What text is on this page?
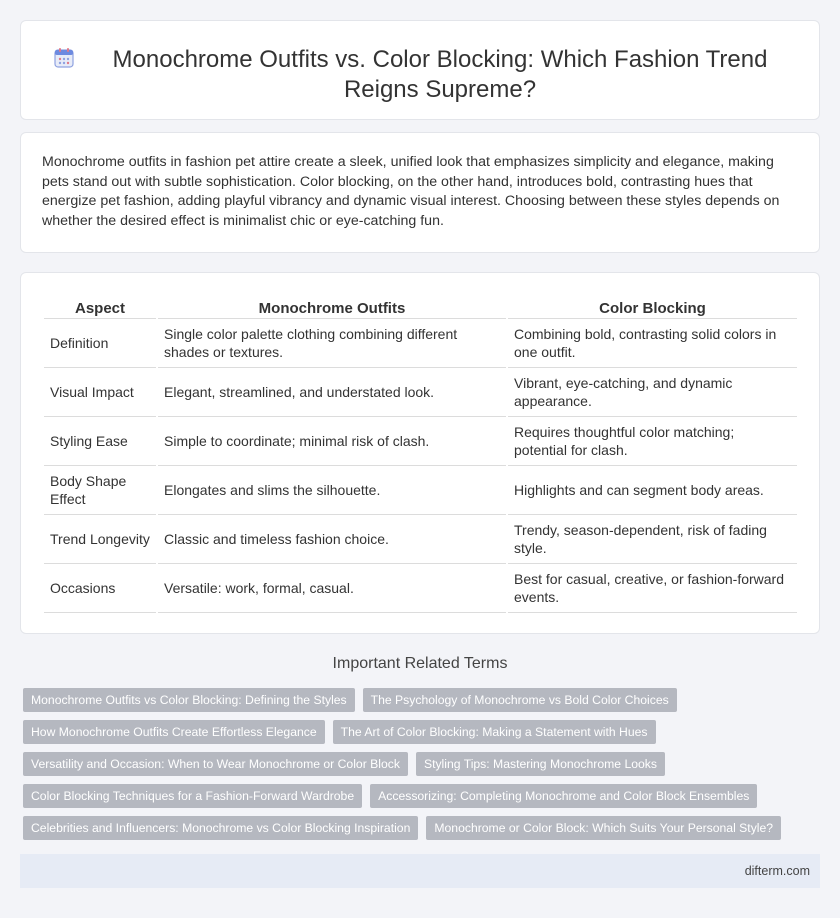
Monochrome Outfits vs. Color Blocking: Which Fashion Trend Reigns Supreme?

Monochrome outfits in fashion pet attire create a sleek, unified look that emphasizes simplicity and elegance, making pets stand out with subtle sophistication. Color blocking, on the other hand, introduces bold, contrasting hues that energize pet fashion, adding playful vibrancy and dynamic visual interest. Choosing between these styles depends on whether the desired effect is minimalist chic or eye-catching fun.

Aspect	Monochrome Outfits	Color Blocking
Definition	Single color palette clothing combining different shades or textures.	Combining bold, contrasting solid colors in one outfit.
Visual Impact	Elegant, streamlined, and understated look.	Vibrant, eye-catching, and dynamic appearance.
Styling Ease	Simple to coordinate; minimal risk of clash.	Requires thoughtful color matching; potential for clash.
Body Shape Effect	Elongates and slims the silhouette.	Highlights and can segment body areas.
Trend Longevity	Classic and timeless fashion choice.	Trendy, season-dependent, risk of fading style.
Occasions	Versatile: work, formal, casual.	Best for casual, creative, or fashion-forward events.
Important Related Terms
Monochrome Outfits vs Color Blocking: Defining the Styles	The Psychology of Monochrome vs Bold Color Choices
How Monochrome Outfits Create Effortless Elegance	The Art of Color Blocking: Making a Statement with Hues
Versatility and Occasion: When to Wear Monochrome or Color Block	Styling Tips: Mastering Monochrome Looks
Color Blocking Techniques for a Fashion-Forward Wardrobe	Accessorizing: Completing Monochrome and Color Block Ensembles
Celebrities and Influencers: Monochrome vs Color Blocking Inspiration	Monochrome or Color Block: Which Suits Your Personal Style?
difterm.com
